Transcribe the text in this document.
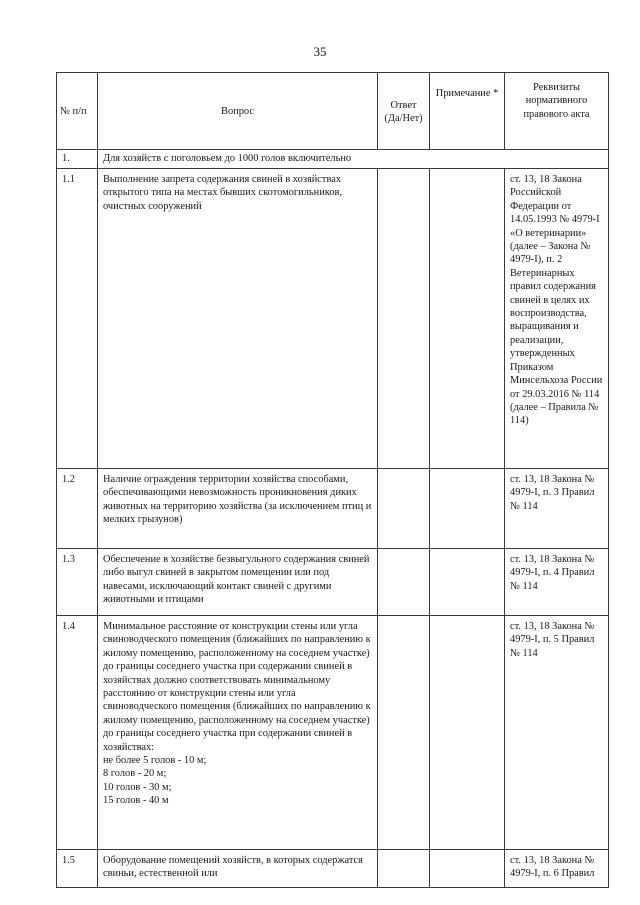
35
№ п/п	Вопрос	Ответ (Да/Нет)	Примечание *	Реквизиты нормативного правового акта
1.	Для хозяйств с поголовьем до 1000 голов включительно			
1.1	Выполнение запрета содержания свиней в хозяйствах открытого типа на местах бывших скотомогильников, очистных сооружений			ст. 13, 18 Закона Российской Федерации от 14.05.1993 № 4979-I «О ветеринарии» (далее – Закона № 4979-I), п. 2 Ветеринарных правил содержания свиней в целях их воспроизводства, выращивания и реализации, утвержденных Приказом Минсельхоза России от 29.03.2016 № 114 (далее – Правила № 114)
1.2	Наличие ограждения территории хозяйства способами, обеспечивающими невозможность проникновения диких животных на территорию хозяйства (за исключением птиц и мелких грызунов)			ст. 13, 18 Закона № 4979-I, п. 3 Правил № 114
1.3	Обеспечение в хозяйстве безвыгульного содержания свиней либо выгул свиней в закрытом помещении или под навесами, исключающий контакт свиней с другими животными и птицами			ст. 13, 18 Закона № 4979-I, п. 4 Правил № 114
1.4	Минимальное расстояние от конструкции стены или угла свиноводческого помещения (ближайших по направлению к жилому помещению, расположенному на соседнем участке) до границы соседнего участка при содержании свиней в хозяйствах должно соответствовать минимальному расстоянию от конструкции стены или угла свиноводческого помещения (ближайших по направлению к жилому помещению, расположенному на соседнем участке) до границы соседнего участка при содержании свиней в хозяйствах:
не более 5 голов - 10 м;
8 голов - 20 м;
10 голов - 30 м;
15 голов - 40 м			ст. 13, 18 Закона № 4979-I, п. 5 Правил № 114
1.5	Оборудование помещений хозяйств, в которых содержатся свиньи, естественной или			ст. 13, 18 Закона № 4979-I, п. 6 Правил
